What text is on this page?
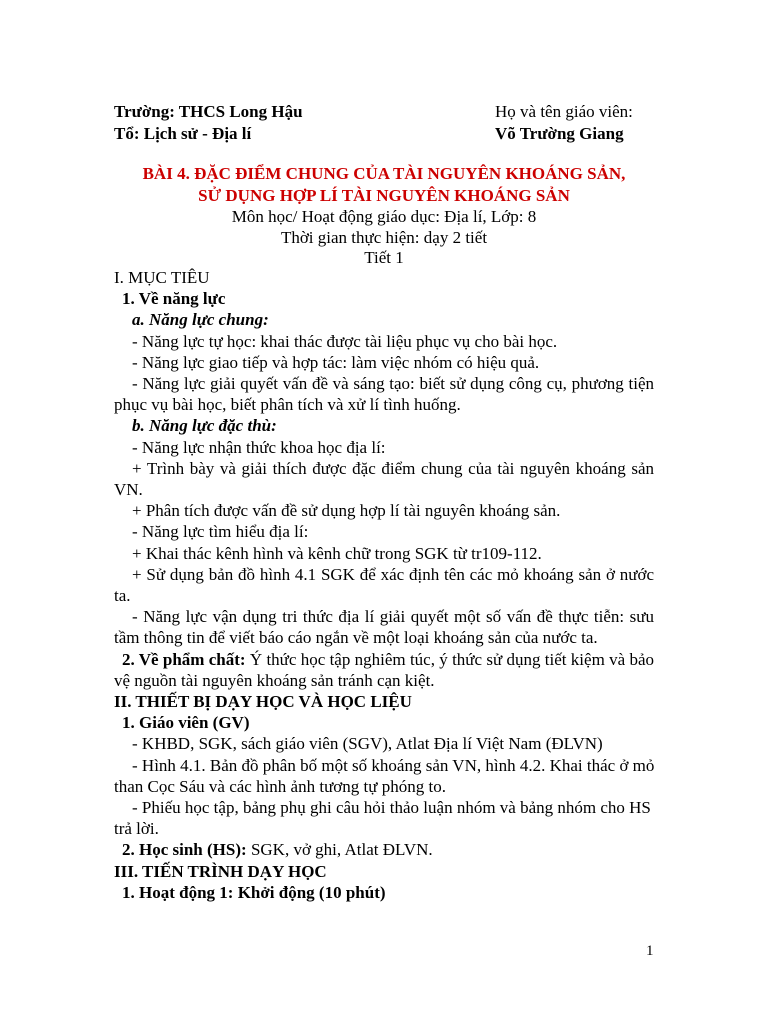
Trường: THCS Long Hậu
Tổ: Lịch sử - Địa lí
Họ và tên giáo viên:
Võ Trường Giang
BÀI 4. ĐẶC ĐIỂM CHUNG CỦA TÀI NGUYÊN KHOÁNG SẢN,
SỬ DỤNG HỢP LÍ TÀI NGUYÊN KHOÁNG SẢN
Môn học/ Hoạt động giáo dục: Địa lí, Lớp: 8
Thời gian thực hiện: dạy 2 tiết
Tiết 1
I. MỤC TIÊU
1. Về năng lực
a. Năng lực chung:
- Năng lực tự học: khai thác được tài liệu phục vụ cho bài học.
- Năng lực giao tiếp và hợp tác: làm việc nhóm có hiệu quả.
- Năng lực giải quyết vấn đề và sáng tạo: biết sử dụng công cụ, phương tiện
phục vụ bài học, biết phân tích và xử lí tình huống.
b. Năng lực đặc thù:
- Năng lực nhận thức khoa học địa lí:
+ Trình bày và giải thích được đặc điểm chung của tài nguyên khoáng sản
VN.
+ Phân tích được vấn đề sử dụng hợp lí tài nguyên khoáng sản.
- Năng lực tìm hiểu địa lí:
+ Khai thác kênh hình và kênh chữ trong SGK từ tr109-112.
+ Sử dụng bản đồ hình 4.1 SGK để xác định tên các mỏ khoáng sản ở nước
ta.
- Năng lực vận dụng tri thức địa lí giải quyết một số vấn đề thực tiễn: sưu
tầm thông tin để viết báo cáo ngắn về một loại khoáng sản của nước ta.
2. Về phẩm chất: Ý thức học tập nghiêm túc, ý thức sử dụng tiết kiệm và bảo
vệ nguồn tài nguyên khoáng sản tránh cạn kiệt.
II. THIẾT BỊ DẠY HỌC VÀ HỌC LIỆU
1. Giáo viên (GV)
- KHBD, SGK, sách giáo viên (SGV), Atlat Địa lí Việt Nam (ĐLVN)
- Hình 4.1. Bản đồ phân bố một số khoáng sản VN, hình 4.2. Khai thác ở mỏ
than Cọc Sáu và các hình ảnh tương tự phóng to.
- Phiếu học tập, bảng phụ ghi câu hỏi thảo luận nhóm và bảng nhóm cho HS
trả lời.
2. Học sinh (HS): SGK, vở ghi, Atlat ĐLVN.
III. TIẾN TRÌNH DẠY HỌC
1. Hoạt động 1: Khởi động (10 phút)
1
